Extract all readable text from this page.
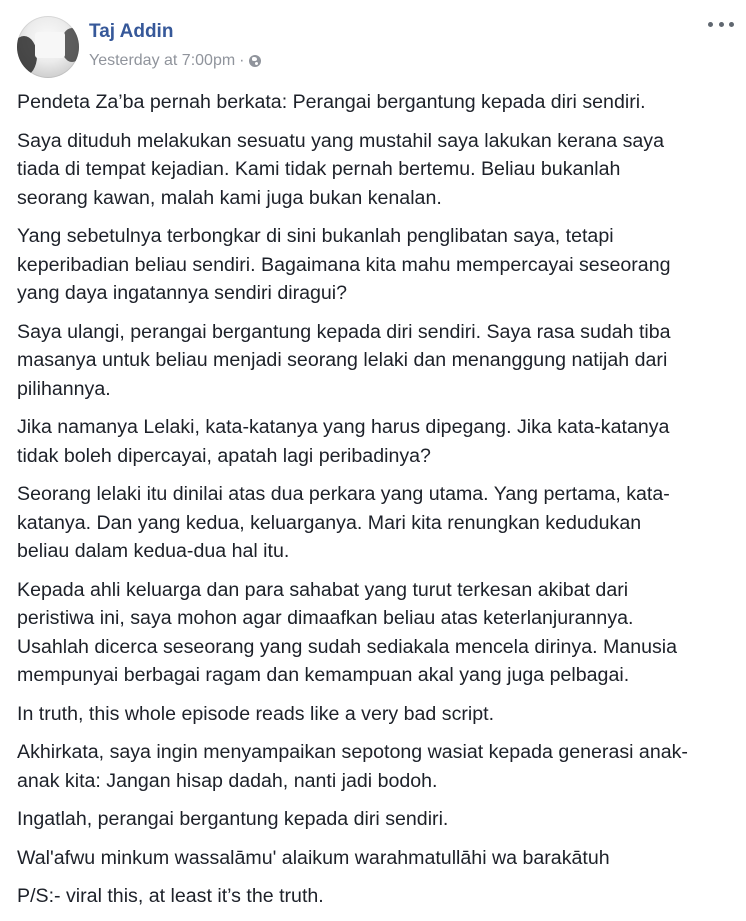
Taj Addin
Yesterday at 7:00pm ·

Pendeta Za’ba pernah berkata: Perangai bergantung kepada diri sendiri.

Saya dituduh melakukan sesuatu yang mustahil saya lakukan kerana saya
tiada di tempat kejadian. Kami tidak pernah bertemu. Beliau bukanlah
seorang kawan, malah kami juga bukan kenalan.

Yang sebetulnya terbongkar di sini bukanlah penglibatan saya, tetapi
keperibadian beliau sendiri. Bagaimana kita mahu mempercayai seseorang
yang daya ingatannya sendiri diragui?

Saya ulangi, perangai bergantung kepada diri sendiri. Saya rasa sudah tiba
masanya untuk beliau menjadi seorang lelaki dan menanggung natijah dari
pilihannya.

Jika namanya Lelaki, kata-katanya yang harus dipegang. Jika kata-katanya
tidak boleh dipercayai, apatah lagi peribadinya?

Seorang lelaki itu dinilai atas dua perkara yang utama. Yang pertama, kata-
katanya. Dan yang kedua, keluarganya. Mari kita renungkan kedudukan
beliau dalam kedua-dua hal itu.

Kepada ahli keluarga dan para sahabat yang turut terkesan akibat dari
peristiwa ini, saya mohon agar dimaafkan beliau atas keterlanjurannya.
Usahlah dicerca seseorang yang sudah sediakala mencela dirinya. Manusia
mempunyai berbagai ragam dan kemampuan akal yang juga pelbagai.

In truth, this whole episode reads like a very bad script.

Akhirkata, saya ingin menyampaikan sepotong wasiat kepada generasi anak-
anak kita: Jangan hisap dadah, nanti jadi bodoh.

Ingatlah, perangai bergantung kepada diri sendiri.

Wal'afwu minkum wassalāmu' alaikum warahmatullāhi wa barakātuh

P/S:- viral this, at least it’s the truth.
